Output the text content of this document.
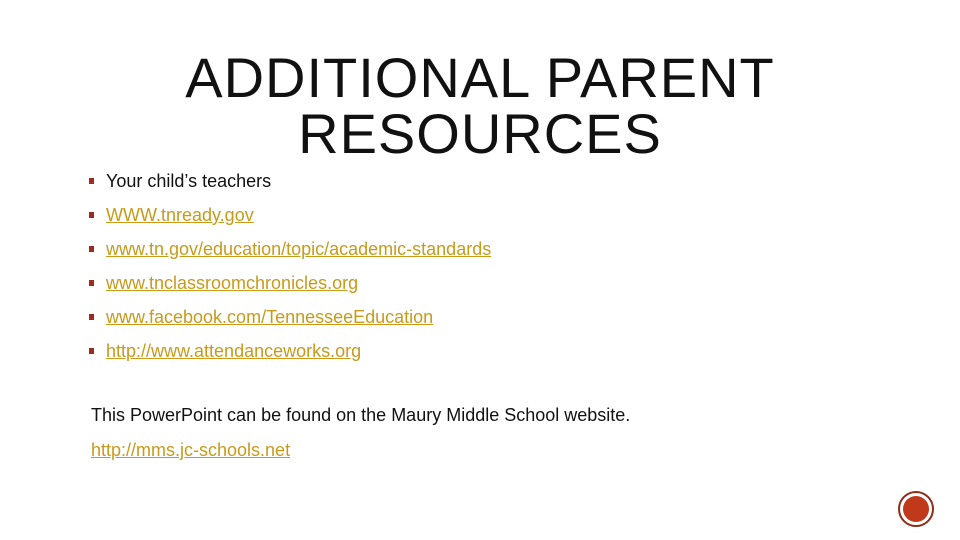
ADDITIONAL PARENT
RESOURCES
Your child’s teachers
WWW.tnready.gov
www.tn.gov/education/topic/academic-standards
www.tnclassroomchronicles.org
www.facebook.com/TennesseeEducation
http://www.attendanceworks.org
This PowerPoint can be found on the Maury Middle School website.
http://mms.jc-schools.net
